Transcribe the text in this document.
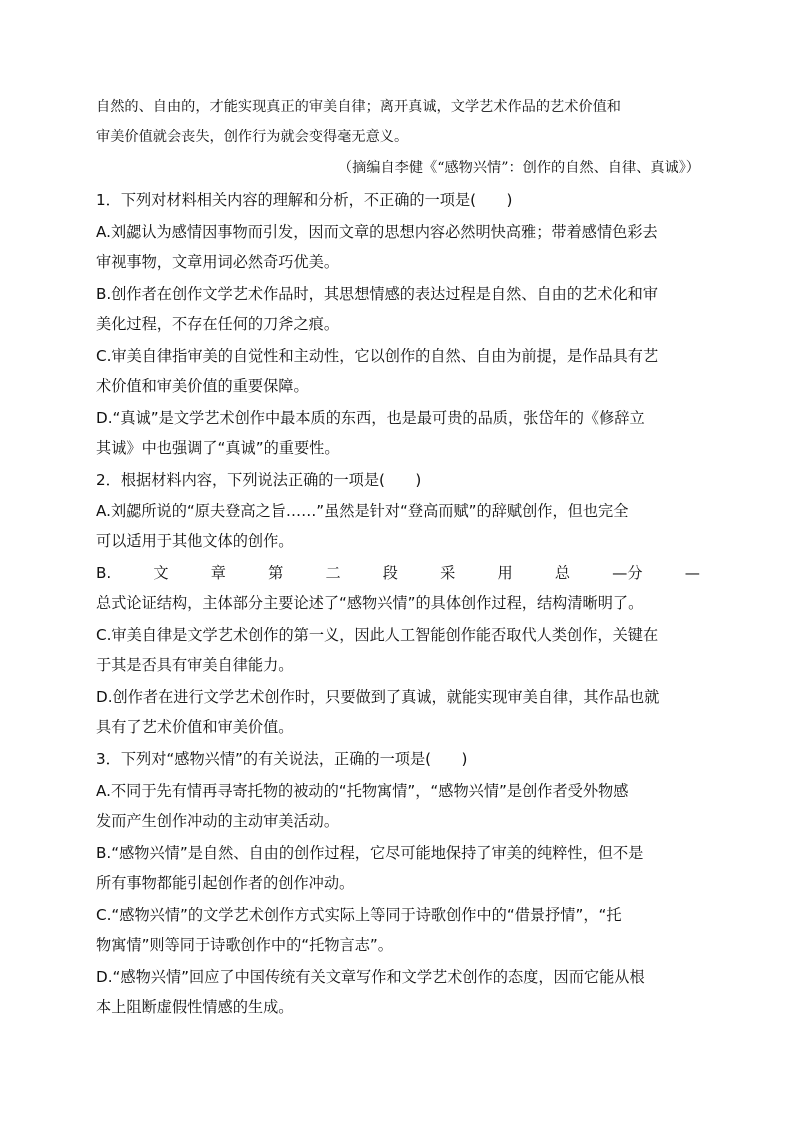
自然的、自由的，才能实现真正的审美自律；离开真诚，文学艺术作品的艺术价值和
审美价值就会丧失，创作行为就会变得毫无意义。
（摘编自李健《“感物兴情”：创作的自然、自律、真诚》）
1．下列对材料相关内容的理解和分析，不正确的一项是(　　)
A.刘勰认为感情因事物而引发，因而文章的思想内容必然明快高雅；带着感情色彩去
审视事物，文章用词必然奇巧优美。
B.创作者在创作文学艺术作品时，其思想情感的表达过程是自然、自由的艺术化和审
美化过程，不存在任何的刀斧之痕。
C.审美自律指审美的自觉性和主动性，它以创作的自然、自由为前提，是作品具有艺
术价值和审美价值的重要保障。
D.“真诚”是文学艺术创作中最本质的东西，也是最可贵的品质，张岱年的《修辞立
其诚》中也强调了“真诚”的重要性。
2．根据材料内容，下列说法正确的一项是(　　)
A.刘勰所说的“原夫登高之旨……”虽然是针对“登高而赋”的辞赋创作，但也完全
可以适用于其他文体的创作。
B.	文	章	第	二	段	采	用	总	—分	—
总式论证结构，主体部分主要论述了“感物兴情”的具体创作过程，结构清晰明了。
C.审美自律是文学艺术创作的第一义，因此人工智能创作能否取代人类创作，关键在
于其是否具有审美自律能力。
D.创作者在进行文学艺术创作时，只要做到了真诚，就能实现审美自律，其作品也就
具有了艺术价值和审美价值。
3．下列对“感物兴情”的有关说法，正确的一项是(　　)
A.不同于先有情再寻寄托物的被动的“托物寓情”，“感物兴情”是创作者受外物感
发而产生创作冲动的主动审美活动。
B.“感物兴情”是自然、自由的创作过程，它尽可能地保持了审美的纯粹性，但不是
所有事物都能引起创作者的创作冲动。
C.“感物兴情”的文学艺术创作方式实际上等同于诗歌创作中的“借景抒情”，“托
物寓情”则等同于诗歌创作中的“托物言志”。
D.“感物兴情”回应了中国传统有关文章写作和文学艺术创作的态度，因而它能从根
本上阻断虚假性情感的生成。
